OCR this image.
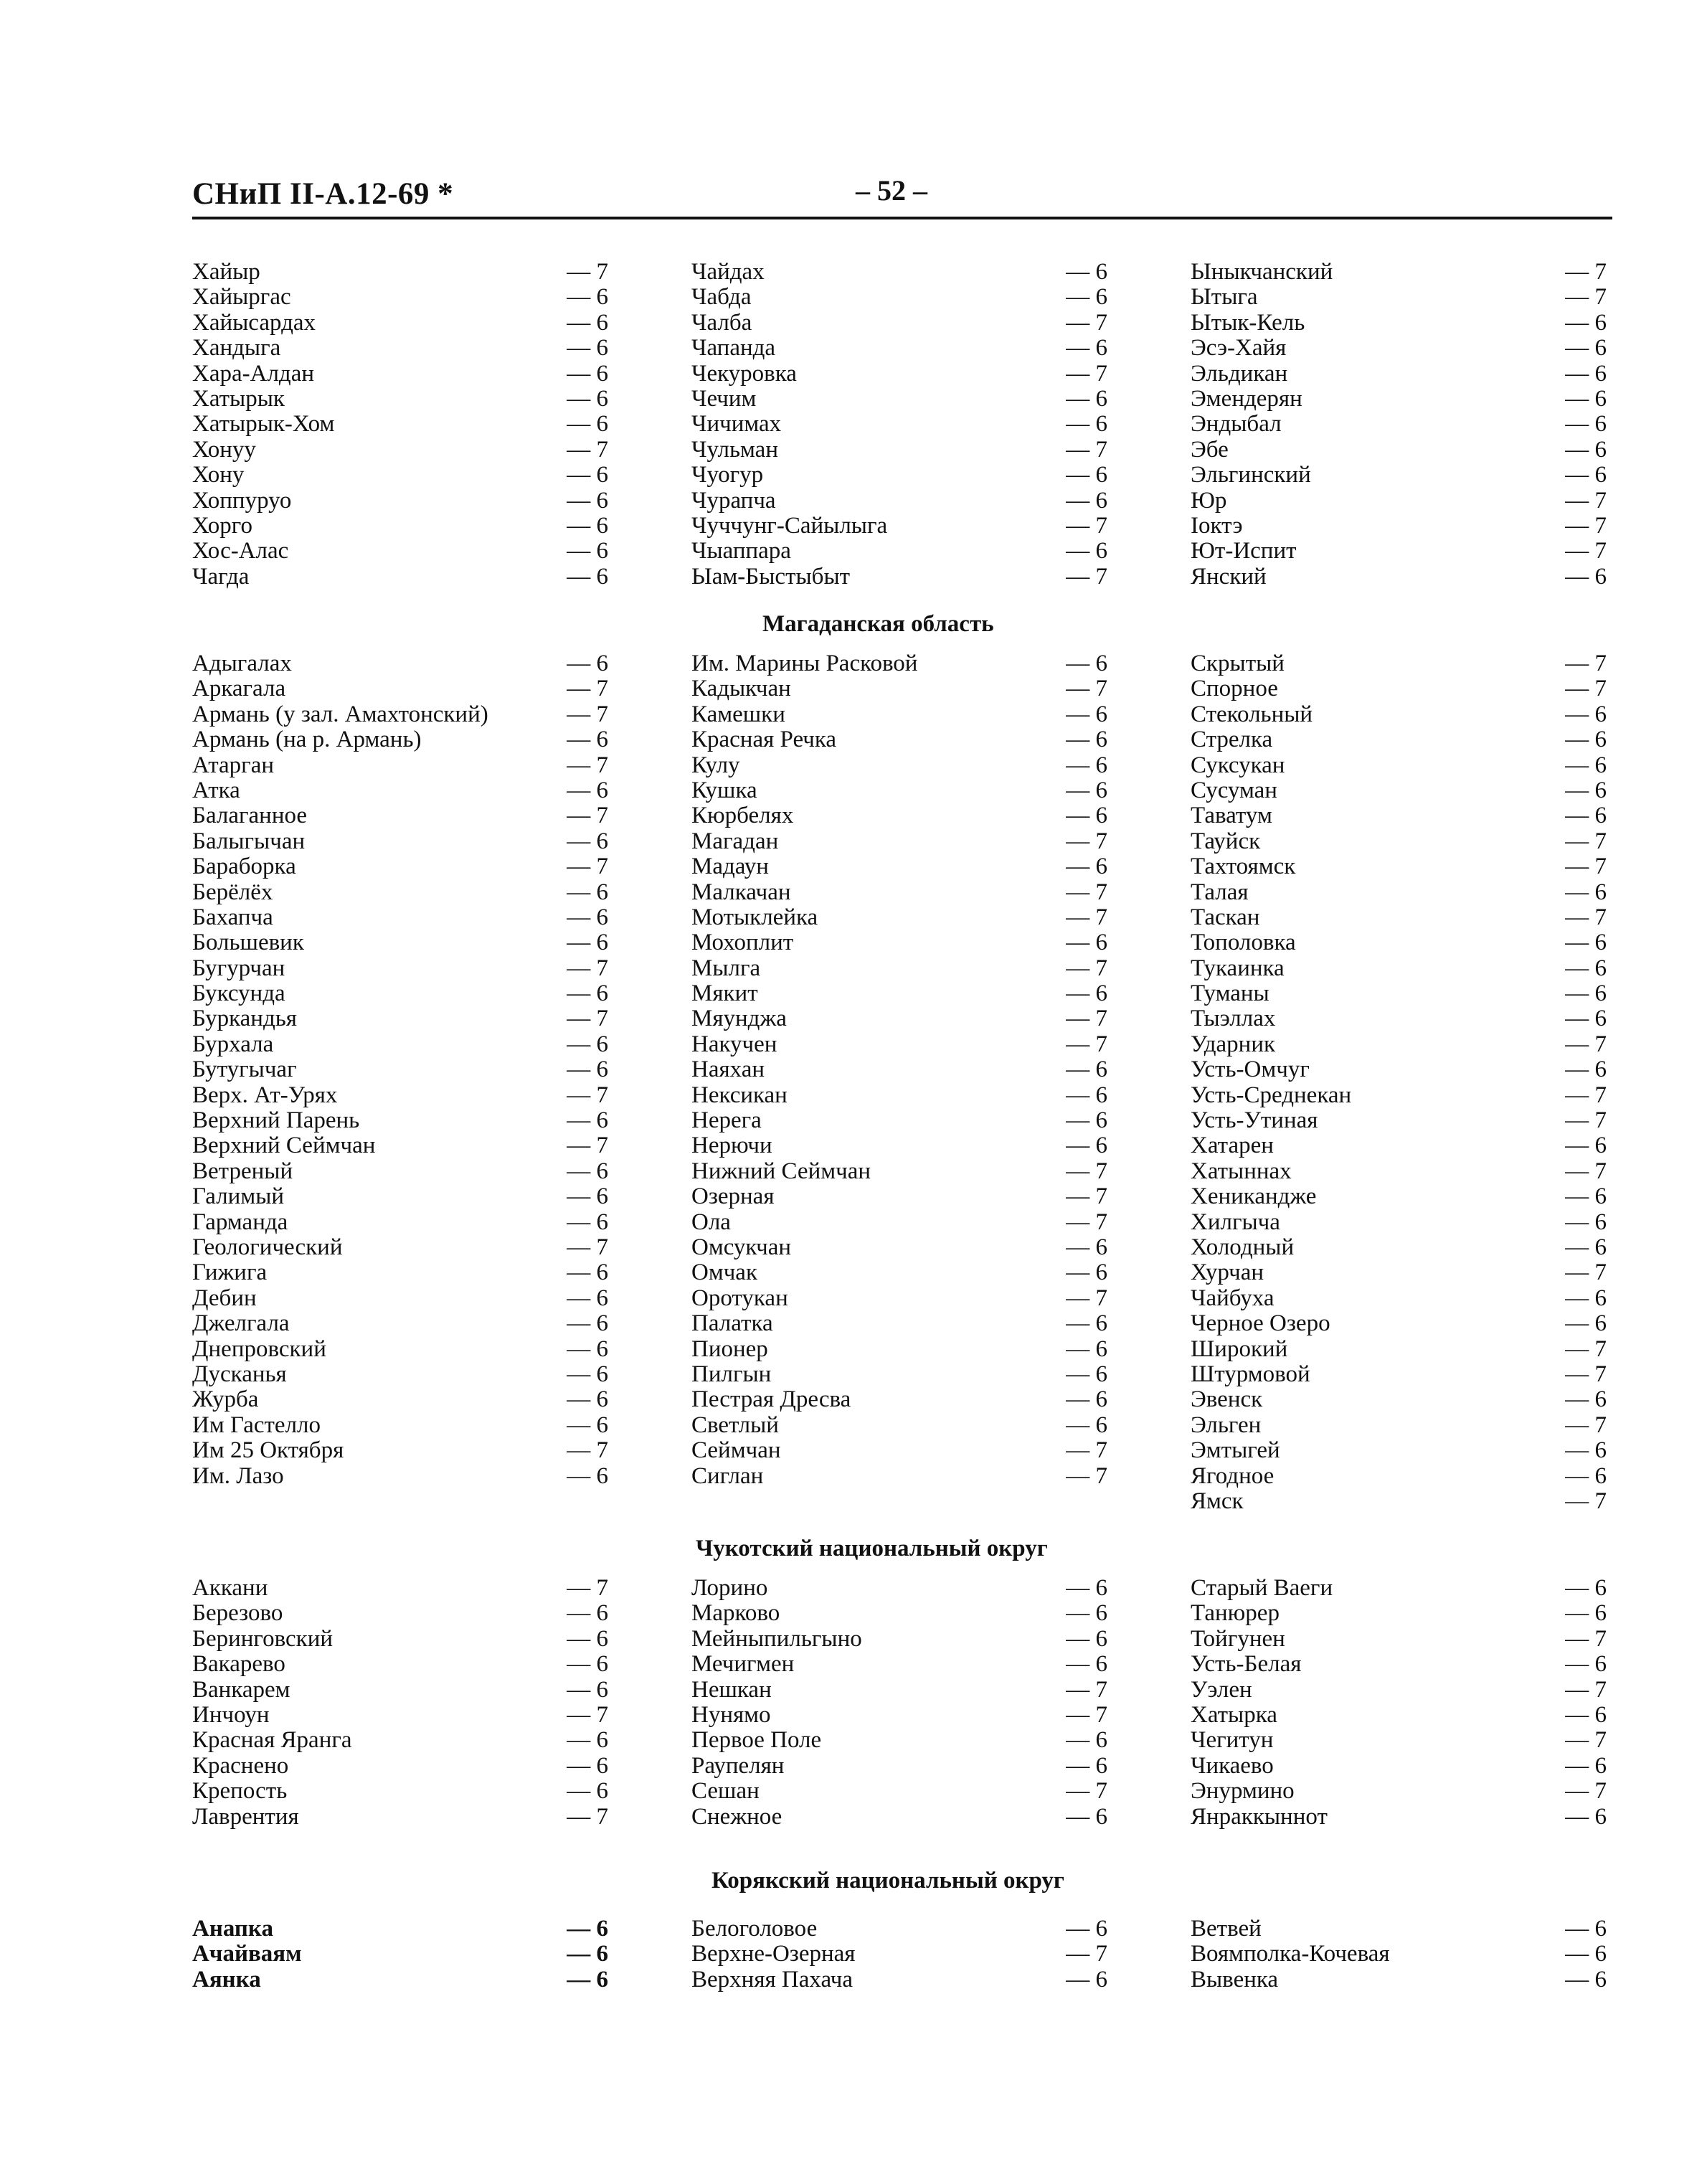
СНиП II-А.12-69 *	– 52 –
Хайыр	— 7
Хайыргас	— 6
Хайысардах	— 6
Хандыга	— 6
Хара-Алдан	— 6
Хатырык	— 6
Хатырык-Хом	— 6
Хонуу	— 7
Хону	— 6
Хоппуруо	— 6
Хорго	— 6
Хос-Алас	— 6
Чагда	— 6
Чайдах	— 6
Чабда	— 6
Чалба	— 7
Чапанда	— 6
Чекуровка	— 7
Чечим	— 6
Чичимах	— 6
Чульман	— 7
Чуогур	— 6
Чурапча	— 6
Чуччунг-Сайылыга	— 7
Чыаппара	— 6
Ыам-Быстыбыт	— 7
Ыныкчанский	— 7
Ытыга	— 7
Ытык-Кель	— 6
Эсэ-Хайя	— 6
Эльдикан	— 6
Эмендерян	— 6
Эндыбал	— 6
Эбе	— 6
Эльгинский	— 6
Юр	— 7
Ioктэ	— 7
Ют-Испит	— 7
Янский	— 6
Магаданская область
Адыгалах	— 6
Аркагала	— 7
Армань (у зал. Амахтонский)	— 7
Армань (на р. Армань)	— 6
Атарган	— 7
Атка	— 6
Балаганное	— 7
Балыгычан	— 6
Бараборка	— 7
Берёлёх	— 6
Бахапча	— 6
Большевик	— 6
Бугурчан	— 7
Буксунда	— 6
Буркандья	— 7
Бурхала	— 6
Бутугычаг	— 6
Верх. Ат-Урях	— 7
Верхний Парень	— 6
Верхний Сеймчан	— 7
Ветреный	— 6
Галимый	— 6
Гарманда	— 6
Геологический	— 7
Гижига	— 6
Дебин	— 6
Джелгала	— 6
Днепровский	— 6
Дусканья	— 6
Журба	— 6
Им Гастелло	— 6
Им 25 Октября	— 7
Им. Лазо	— 6
Им. Марины Расковой	— 6
Кадыкчан	— 7
Камешки	— 6
Красная Речка	— 6
Кулу	— 6
Кушка	— 6
Кюрбелях	— 6
Магадан	— 7
Мадаун	— 6
Малкачан	— 7
Мотыклейка	— 7
Мохоплит	— 6
Мылга	— 7
Мякит	— 6
Мяунджа	— 7
Накучен	— 7
Наяхан	— 6
Нексикан	— 6
Нерега	— 6
Нерючи	— 6
Нижний Сеймчан	— 7
Озерная	— 7
Ола	— 7
Омсукчан	— 6
Омчак	— 6
Оротукан	— 7
Палатка	— 6
Пионер	— 6
Пилгын	— 6
Пестрая Дресва	— 6
Светлый	— 6
Сеймчан	— 7
Сиглан	— 7
Скрытый	— 7
Спорное	— 7
Стекольный	— 6
Стрелка	— 6
Суксукан	— 6
Сусуман	— 6
Таватум	— 6
Тауйск	— 7
Тахтоямск	— 7
Талая	— 6
Таскан	— 7
Тополовка	— 6
Тукаинка	— 6
Туманы	— 6
Тыэллах	— 6
Ударник	— 7
Усть-Омчуг	— 6
Усть-Среднекан	— 7
Усть-Утиная	— 7
Хатарен	— 6
Хатыннах	— 7
Хеникандже	— 6
Хилгыча	— 6
Холодный	— 6
Хурчан	— 7
Чайбуха	— 6
Черное Озеро	— 6
Широкий	— 7
Штурмовой	— 7
Эвенск	— 6
Эльген	— 7
Эмтыгей	— 6
Ягодное	— 6
Ямск	— 7
Чукотский национальный округ
Аккани	— 7
Березово	— 6
Беринговский	— 6
Вакарево	— 6
Ванкарем	— 6
Инчоун	— 7
Красная Яранга	— 6
Краснено	— 6
Крепость	— 6
Лаврентия	— 7
Лорино	— 6
Марково	— 6
Мейныпильгыно	— 6
Мечигмен	— 6
Нешкан	— 7
Нунямо	— 7
Первое Поле	— 6
Раупелян	— 6
Сешан	— 7
Снежное	— 6
Старый Ваеги	— 6
Танюрер	— 6
Тойгунен	— 7
Усть-Белая	— 6
Уэлен	— 7
Хатырка	— 6
Чегитун	— 7
Чикаево	— 6
Энурмино	— 7
Янраккыннот	— 6
Корякский национальный округ
Анапка	— 6
Ачайваям	— 6
Аянка	— 6
Белоголовое	— 6
Верхне-Озерная	— 7
Верхняя Пахача	— 6
Ветвей	— 6
Воямполка-Кочевая	— 6
Вывенка	— 6
